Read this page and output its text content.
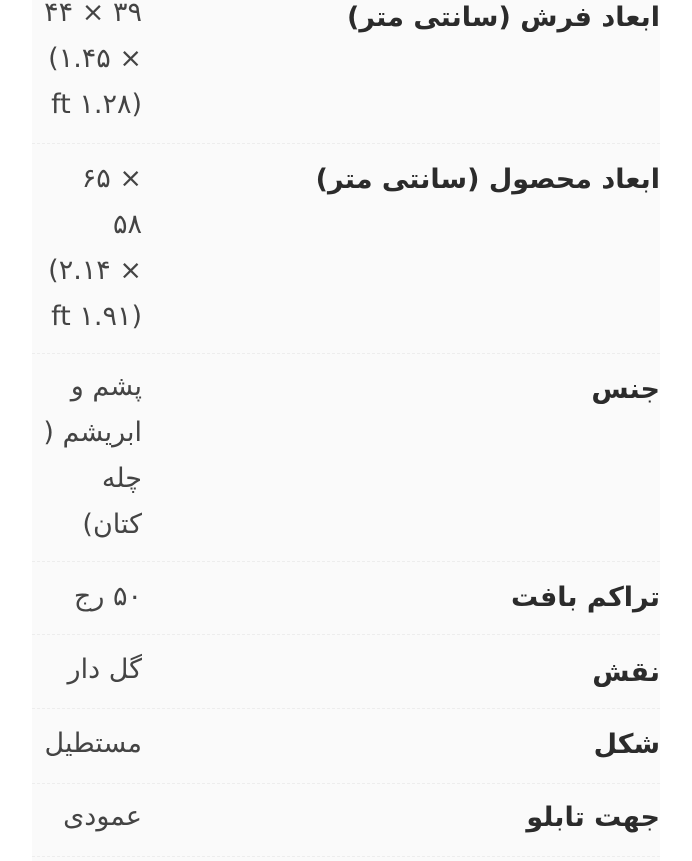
ابعاد فرش (سانتی متر)
۳۹ × ۴۴
× ۱.۴۵)
(ft ۱.۲۸
ابعاد محصول (سانتی متر)
× ۶۵
۵۸
× ۲.۱۴)
(ft ۱.۹۱
جنس
پشم و
ابریشم (
چله
کتان)
تراکم بافت
۵۰ رج
نقش
گل دار
شکل
مستطیل
جهت تابلو
عمودی
